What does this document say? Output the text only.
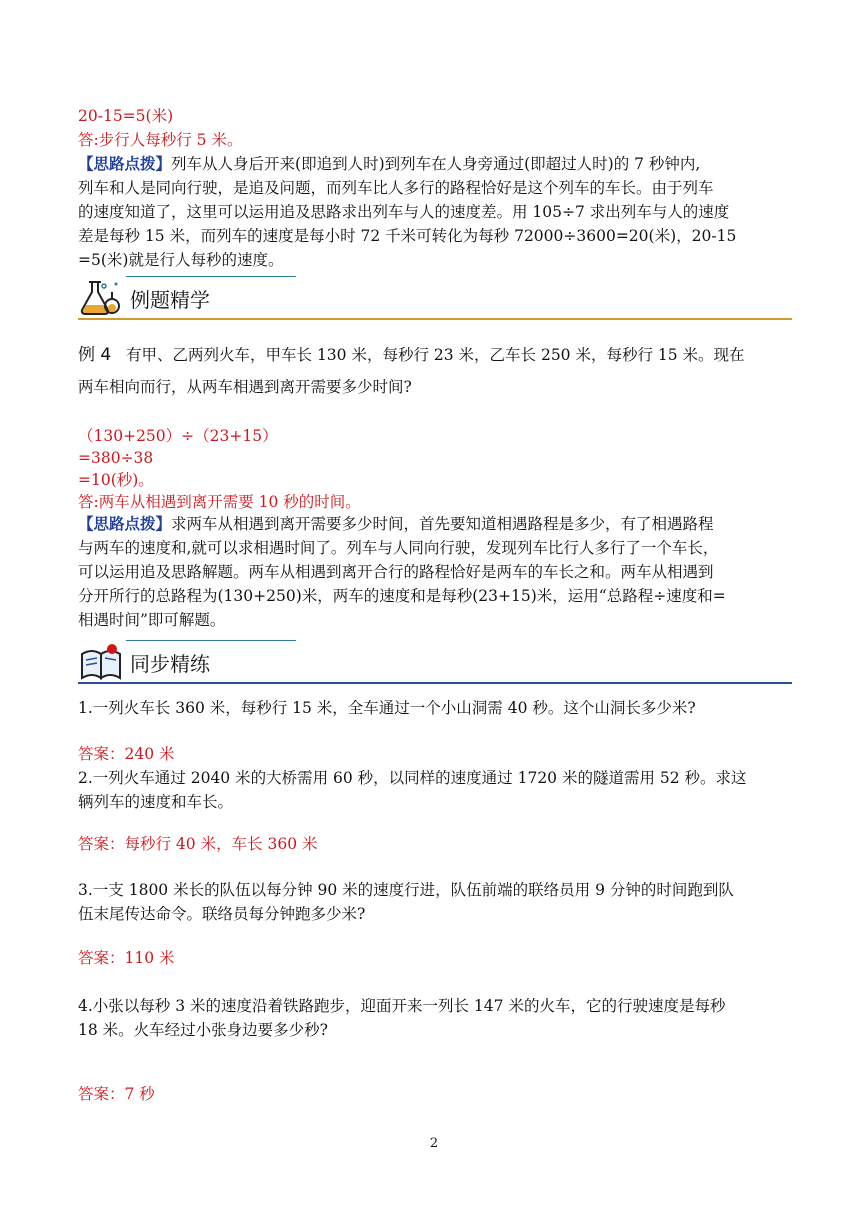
20-15=5(米)
答:步行人每秒行 5 米。
【思路点拨】列车从人身后开来(即追到人时)到列车在人身旁通过(即超过人时)的 7 秒钟内,
列车和人是同向行驶，是追及问题，而列车比人多行的路程恰好是这个列车的车长。由于列车
的速度知道了，这里可以运用追及思路求出列车与人的速度差。用 105÷7 求出列车与人的速度
差是每秒 15 米，而列车的速度是每小时 72 千米可转化为每秒 72000÷3600=20(米)，20-15
=5(米)就是行人每秒的速度。
例题精学
例 4 有甲、乙两列火车，甲车长 130 米，每秒行 23 米，乙车长 250 米，每秒行 15 米。现在
两车相向而行，从两车相遇到离开需要多少时间?
（130+250）÷（23+15）
=380÷38
=10(秒)。
答:两车从相遇到离开需要 10 秒的时间。
【思路点拨】求两车从相遇到离开需要多少时间，首先要知道相遇路程是多少，有了相遇路程
与两车的速度和,就可以求相遇时间了。列车与人同向行驶，发现列车比行人多行了一个车长，
可以运用追及思路解题。两车从相遇到离开合行的路程恰好是两车的车长之和。两车从相遇到
分开所行的总路程为(130+250)米，两车的速度和是每秒(23+15)米，运用“总路程÷速度和=
相遇时间”即可解题。
同步精练
1.一列火车长 360 米，每秒行 15 米，全车通过一个小山洞需 40 秒。这个山洞长多少米?
答案：240 米
2.一列火车通过 2040 米的大桥需用 60 秒，以同样的速度通过 1720 米的隧道需用 52 秒。求这
辆列车的速度和车长。
答案：每秒行 40 米，车长 360 米
3.一支 1800 米长的队伍以每分钟 90 米的速度行进，队伍前端的联络员用 9 分钟的时间跑到队
伍末尾传达命令。联络员每分钟跑多少米?
答案：110 米
4.小张以每秒 3 米的速度沿着铁路跑步，迎面开来一列长 147 米的火车，它的行驶速度是每秒
18 米。火车经过小张身边要多少秒?
答案：7 秒
2
